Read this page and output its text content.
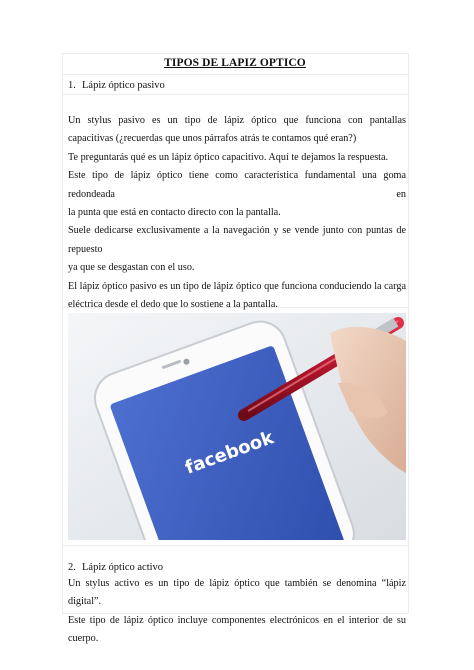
TIPOS DE LAPIZ OPTICO
1. Lápiz óptico pasivo

Un stylus pasivo es un tipo de lápiz óptico que funciona con pantallas

capacitivas (¿recuerdas que unos párrafos atrás te contamos qué eran?)

Te preguntarás qué es un lápiz óptico capacitivo. Aquí te dejamos la respuesta.

Este tipo de lápiz óptico tiene como característica fundamental una goma redondeada en

la punta que está en contacto directo con la pantalla.

Suele dedicarse exclusivamente a la navegación y se vende junto con puntas de repuesto

ya que se desgastan con el uso.

El lápiz óptico pasivo es un tipo de lápiz óptico que funciona conduciendo la carga

eléctrica desde el dedo que lo sostiene a la pantalla.

facebook
2. Lápiz óptico activo

Un stylus activo es un tipo de lápiz óptico que también se denomina “lápiz digital”.

Este tipo de lápiz óptico incluye componentes electrónicos en el interior de su cuerpo.
